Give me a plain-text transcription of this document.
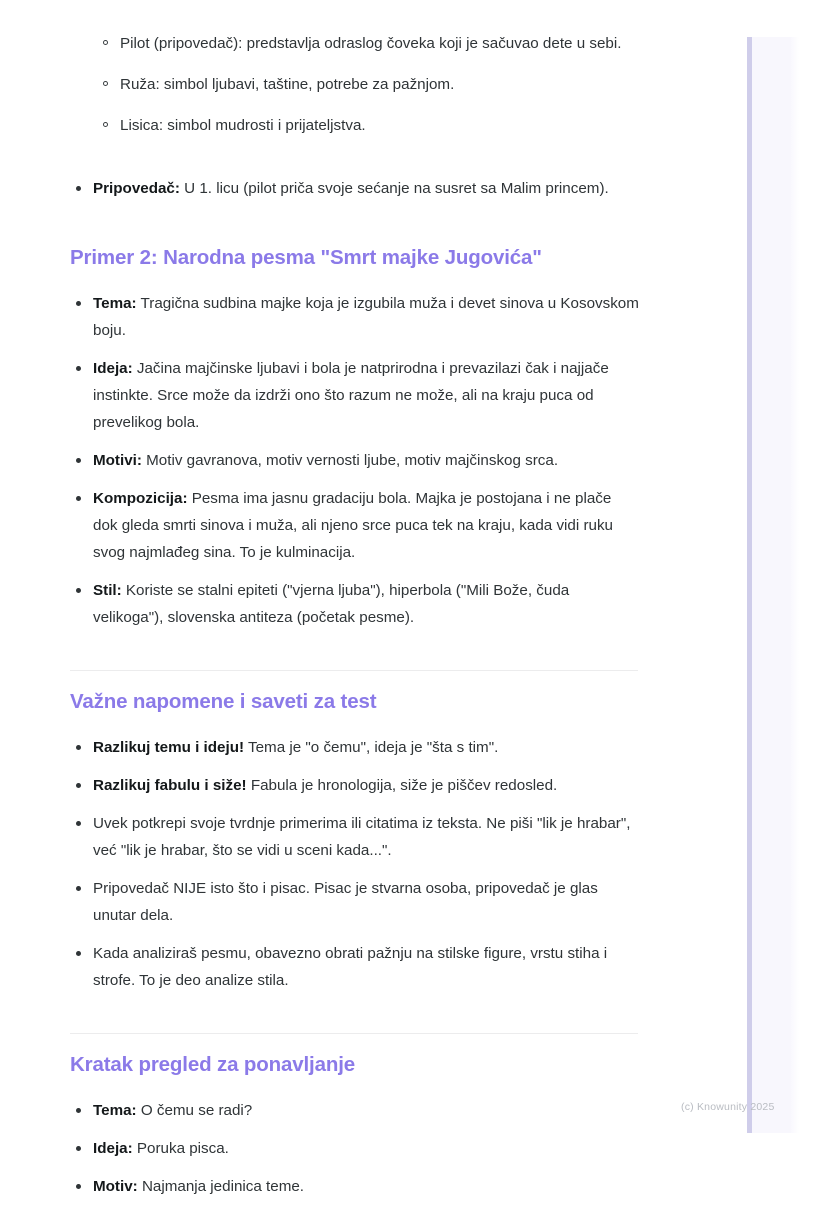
Pilot (pripovedač): predstavlja odraslog čoveka koji je sačuvao dete u sebi.
Ruža: simbol ljubavi, taštine, potrebe za pažnjom.
Lisica: simbol mudrosti i prijateljstva.
Pripovedač: U 1. licu (pilot priča svoje sećanje na susret sa Malim princem).
Primer 2: Narodna pesma "Smrt majke Jugovića"
Tema: Tragična sudbina majke koja je izgubila muža i devet sinova u Kosovskom boju.
Ideja: Jačina majčinske ljubavi i bola je natprirodna i prevazilazi čak i najjače instinkte. Srce može da izdrži ono što razum ne može, ali na kraju puca od prevelikog bola.
Motivi: Motiv gavranova, motiv vernosti ljube, motiv majčinskog srca.
Kompozicija: Pesma ima jasnu gradaciju bola. Majka je postojana i ne plače dok gleda smrti sinova i muža, ali njeno srce puca tek na kraju, kada vidi ruku svog najmlađeg sina. To je kulminacija.
Stil: Koriste se stalni epiteti ("vjerna ljuba"), hiperbola ("Mili Bože, čuda velikoga"), slovenska antiteza (početak pesme).
Važne napomene i saveti za test
Razlikuj temu i ideju! Tema je "o čemu", ideja je "šta s tim".
Razlikuj fabulu i siže! Fabula je hronologija, siže je piščev redosled.
Uvek potkrepi svoje tvrdnje primerima ili citatima iz teksta. Ne piši "lik je hrabar", već "lik je hrabar, što se vidi u sceni kada...".
Pripovedač NIJE isto što i pisac. Pisac je stvarna osoba, pripovedač je glas unutar dela.
Kada analiziraš pesmu, obavezno obrati pažnju na stilske figure, vrstu stiha i strofe. To je deo analize stila.
Kratak pregled za ponavljanje
Tema: O čemu se radi?
Ideja: Poruka pisca.
Motiv: Najmanja jedinica teme.
(c) Knowunity 2025
